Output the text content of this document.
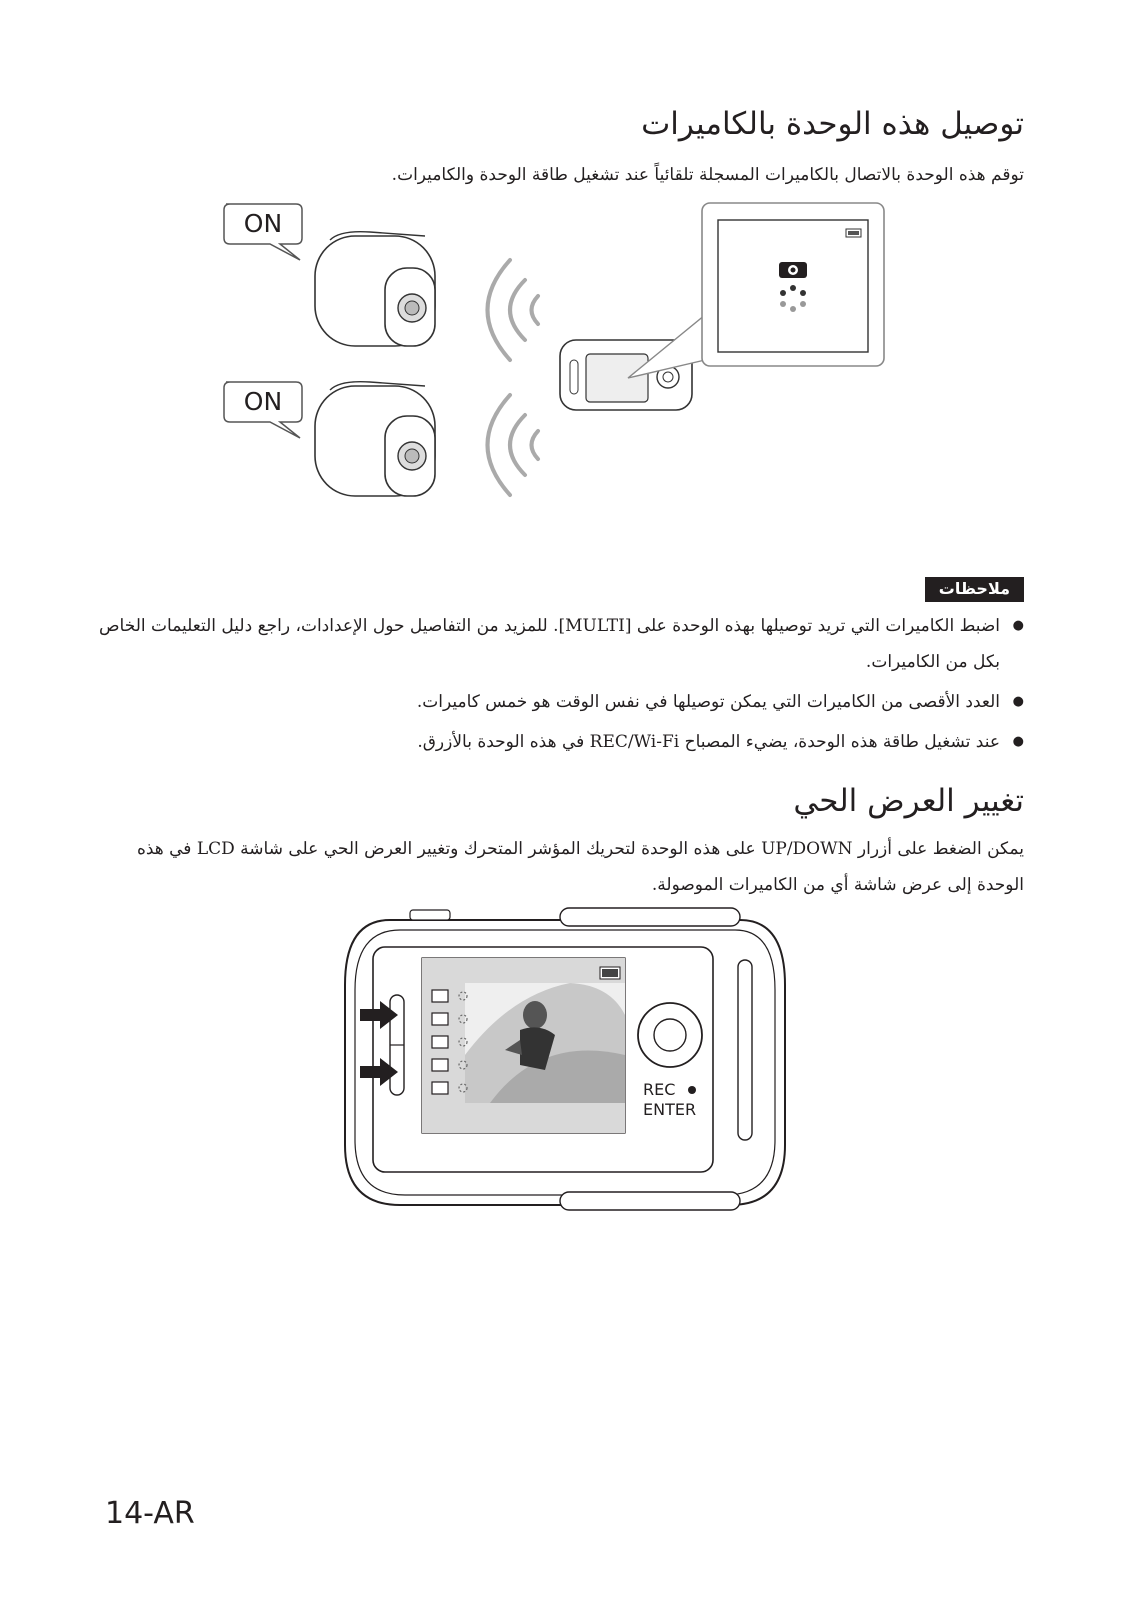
توصيل هذه الوحدة بالكاميرات
توقم هذه الوحدة بالاتصال بالكاميرات المسجلة تلقائياً عند تشغيل طاقة الوحدة والكاميرات.
ON
ON
ملاحظات
● اضبط الكاميرات التي تريد توصيلها بهذه الوحدة على [MULTI]. للمزيد من التفاصيل حول الإعدادات، راجع دليل التعليمات الخاص بكل من الكاميرات.
● العدد الأقصى من الكاميرات التي يمكن توصيلها في نفس الوقت هو خمس كاميرات.
● عند تشغيل طاقة هذه الوحدة، يضيء المصباح REC/Wi-Fi في هذه الوحدة بالأزرق.
تغيير العرض الحي
يمكن الضغط على أزرار UP/DOWN على هذه الوحدة لتحريك المؤشر المتحرك وتغيير العرض الحي على شاشة LCD في هذه الوحدة إلى عرض شاشة أي من الكاميرات الموصولة.
REC
ENTER
14-AR
